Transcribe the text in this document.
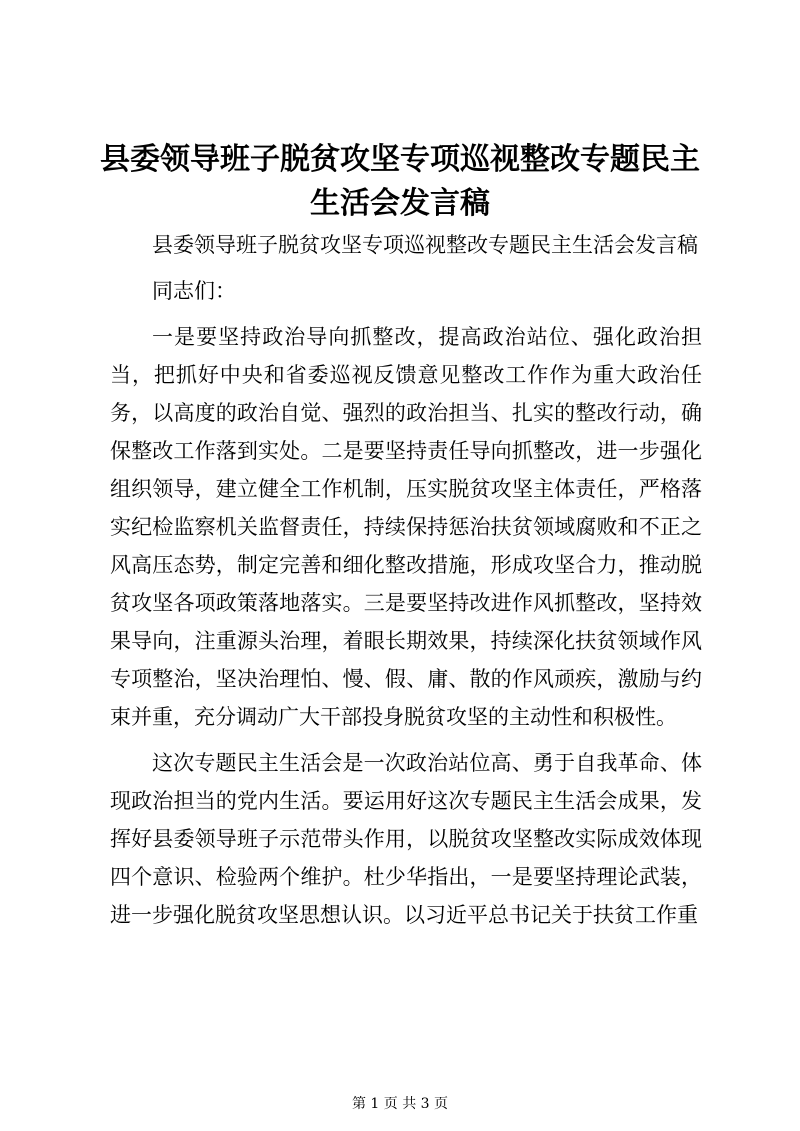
县委领导班子脱贫攻坚专项巡视整改专题民主生活会发言稿

县委领导班子脱贫攻坚专项巡视整改专题民主生活会发言稿

同志们：

一是要坚持政治导向抓整改，提高政治站位、强化政治担当，把抓好中央和省委巡视反馈意见整改工作作为重大政治任务，以高度的政治自觉、强烈的政治担当、扎实的整改行动，确保整改工作落到实处。二是要坚持责任导向抓整改，进一步强化组织领导，建立健全工作机制，压实脱贫攻坚主体责任，严格落实纪检监察机关监督责任，持续保持惩治扶贫领域腐败和不正之风高压态势，制定完善和细化整改措施，形成攻坚合力，推动脱贫攻坚各项政策落地落实。三是要坚持改进作风抓整改，坚持效果导向，注重源头治理，着眼长期效果，持续深化扶贫领域作风专项整治，坚决治理怕、慢、假、庸、散的作风顽疾，激励与约束并重，充分调动广大干部投身脱贫攻坚的主动性和积极性。

这次专题民主生活会是一次政治站位高、勇于自我革命、体现政治担当的党内生活。要运用好这次专题民主生活会成果，发挥好县委领导班子示范带头作用，以脱贫攻坚整改实际成效体现四个意识、检验两个维护。杜少华指出，一是要坚持理论武装，进一步强化脱贫攻坚思想认识。以习近平总书记关于扶贫工作重

第 1 页 共 3 页
